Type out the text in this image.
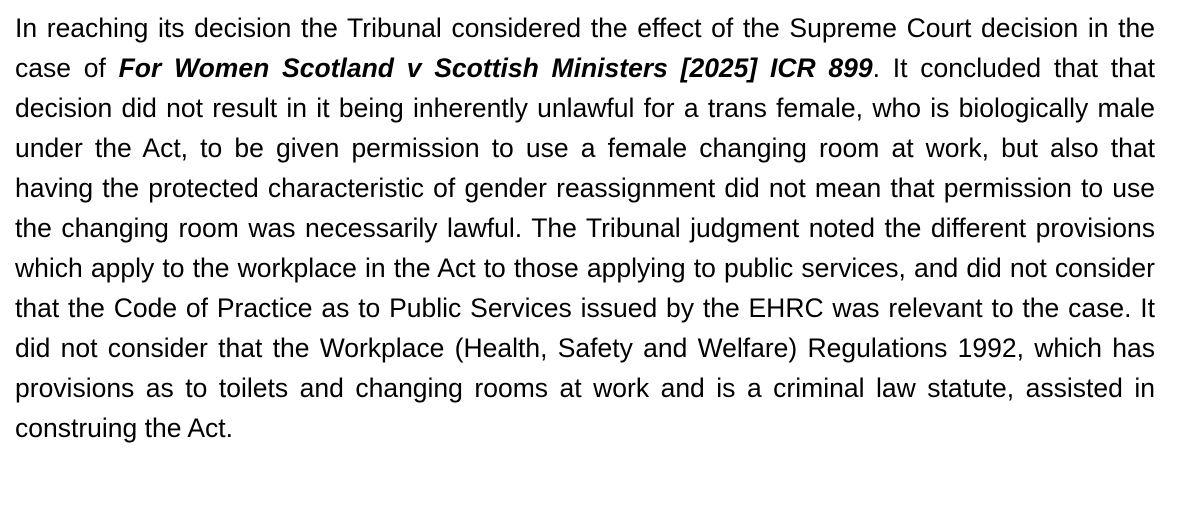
In reaching its decision the Tribunal considered the effect of the Supreme Court decision in the case of For Women Scotland v Scottish Ministers [2025] ICR 899. It concluded that that decision did not result in it being inherently unlawful for a trans female, who is biologically male under the Act, to be given permission to use a female changing room at work, but also that having the protected characteristic of gender reassignment did not mean that permission to use the changing room was necessarily lawful. The Tribunal judgment noted the different provisions which apply to the workplace in the Act to those applying to public services, and did not consider that the Code of Practice as to Public Services issued by the EHRC was relevant to the case. It did not consider that the Workplace (Health, Safety and Welfare) Regulations 1992, which has provisions as to toilets and changing rooms at work and is a criminal law statute, assisted in construing the Act.
